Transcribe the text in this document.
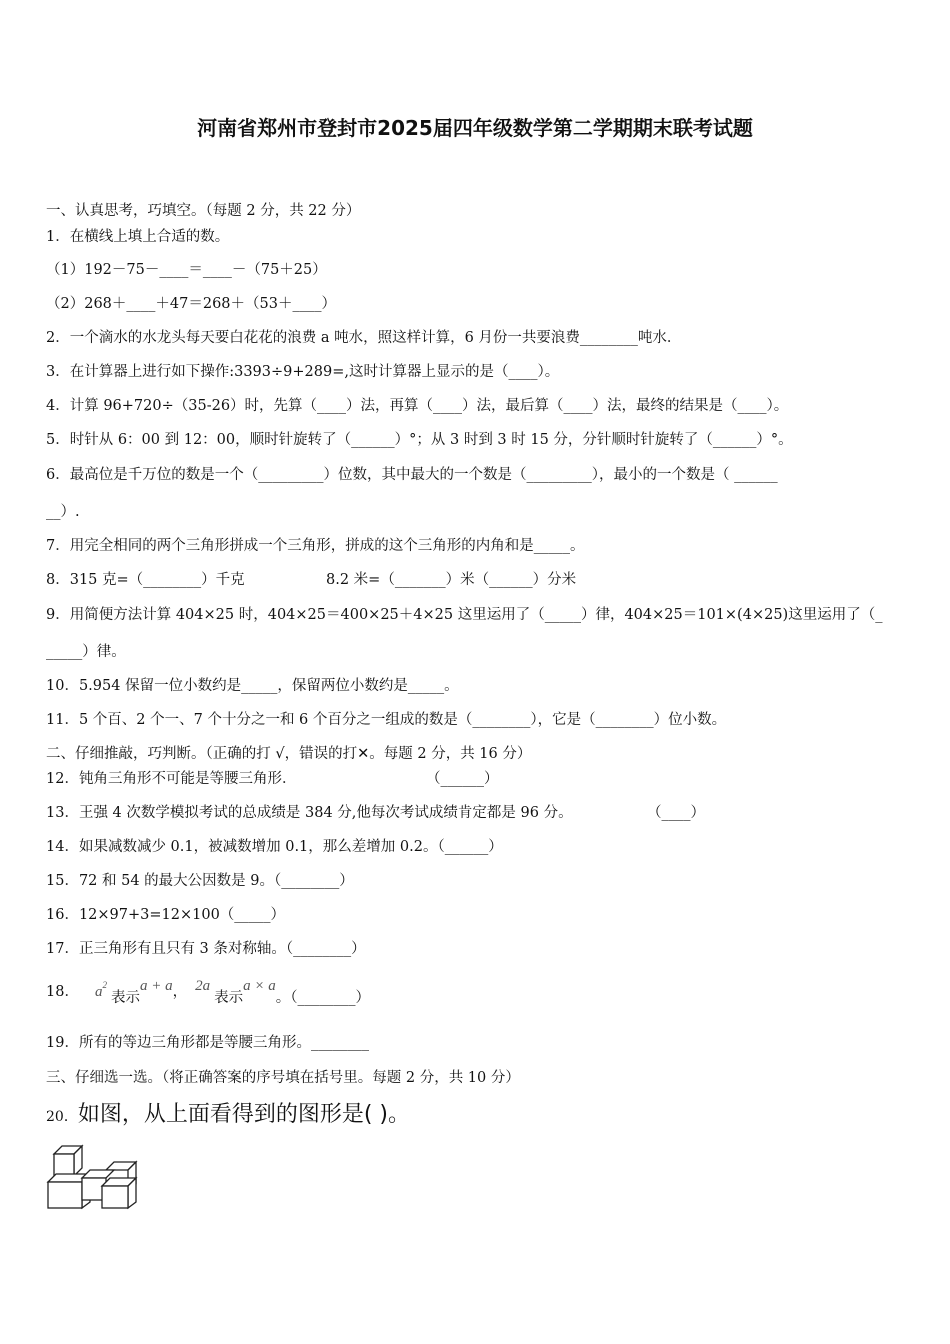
河南省郑州市登封市2025届四年级数学第二学期期末联考试题
一、认真思考，巧填空。（每题 2 分，共 22 分）
1．在横线上填上合适的数。
（1）192－75－____＝____－（75＋25）
（2）268＋____＋47＝268＋（53＋____）
2．一个滴水的水龙头每天要白花花的浪费 a 吨水，照这样计算，6 月份一共要浪费________吨水．
3．在计算器上进行如下操作:3393÷9+289=,这时计算器上显示的是（____）。
4．计算 96+720÷（35-26）时，先算（____）法，再算（____）法，最后算（____）法，最终的结果是（____）。
5．时针从 6：00 到 12：00，顺时针旋转了（______）°；从 3 时到 3 时 15 分，分针顺时针旋转了（______）°。
6．最高位是千万位的数是一个（_________）位数，其中最大的一个数是（_________），最小的一个数是（ ______
__）.
7．用完全相同的两个三角形拼成一个三角形，拼成的这个三角形的内角和是_____。
8．315 克=（________）千克	8.2 米=（_______）米（______）分米
9．用简便方法计算 404×25 时，404×25＝400×25＋4×25 这里运用了（_____）律，404×25＝101×(4×25)这里运用了（_
_____）律。
10．5.954 保留一位小数约是_____，保留两位小数约是_____。
11．5 个百、2 个一、7 个十分之一和 6 个百分之一组成的数是（________），它是（________）位小数。
二、仔细推敲，巧判断。（正确的打 √，错误的打✕。每题 2 分，共 16 分）
12．钝角三角形不可能是等腰三角形．	（______）
13．王强 4 次数学模拟考试的总成绩是 384 分,他每次考试成绩肯定都是 96 分。	（____）
14．如果减数减少 0.1，被减数增加 0.1，那么差增加 0.2。（______）
15．72 和 54 的最大公因数是 9。（________）
16．12×97+3=12×100（_____）
17．正三角形有且只有 3 条对称轴。（________）
18． $a^2$表示a + a， 2a表示a × a。（________）
19．所有的等边三角形都是等腰三角形。________
三、仔细选一选。（将正确答案的序号填在括号里。每题 2 分，共 10 分）
20．如图，从上面看得到的图形是( )。
